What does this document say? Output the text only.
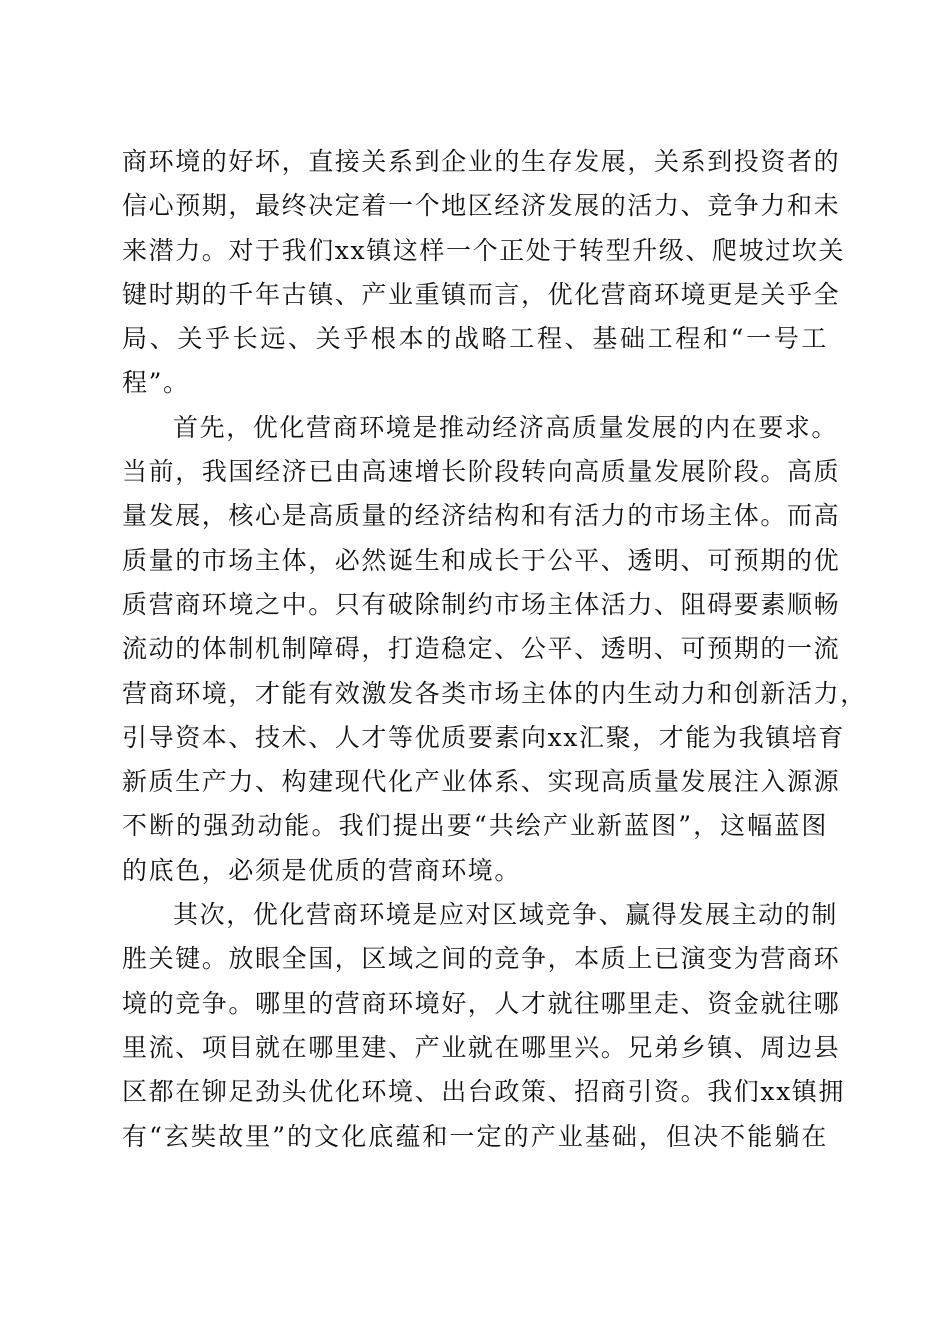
商环境的好坏，直接关系到企业的生存发展，关系到投资者的
信心预期，最终决定着一个地区经济发展的活力、竞争力和未
来潜力。对于我们xx镇这样一个正处于转型升级、爬坡过坎关
键时期的千年古镇、产业重镇而言，优化营商环境更是关乎全
局、关乎长远、关乎根本的战略工程、基础工程和“一号工
程”。
首先，优化营商环境是推动经济高质量发展的内在要求。
当前，我国经济已由高速增长阶段转向高质量发展阶段。高质
量发展，核心是高质量的经济结构和有活力的市场主体。而高
质量的市场主体，必然诞生和成长于公平、透明、可预期的优
质营商环境之中。只有破除制约市场主体活力、阻碍要素顺畅
流动的体制机制障碍，打造稳定、公平、透明、可预期的一流
营商环境，才能有效激发各类市场主体的内生动力和创新活力，
引导资本、技术、人才等优质要素向xx汇聚，才能为我镇培育
新质生产力、构建现代化产业体系、实现高质量发展注入源源
不断的强劲动能。我们提出要“共绘产业新蓝图”，这幅蓝图
的底色，必须是优质的营商环境。
其次，优化营商环境是应对区域竞争、赢得发展主动的制
胜关键。放眼全国，区域之间的竞争，本质上已演变为营商环
境的竞争。哪里的营商环境好，人才就往哪里走、资金就往哪
里流、项目就在哪里建、产业就在哪里兴。兄弟乡镇、周边县
区都在铆足劲头优化环境、出台政策、招商引资。我们xx镇拥
有“玄奘故里”的文化底蕴和一定的产业基础，但决不能躺在
